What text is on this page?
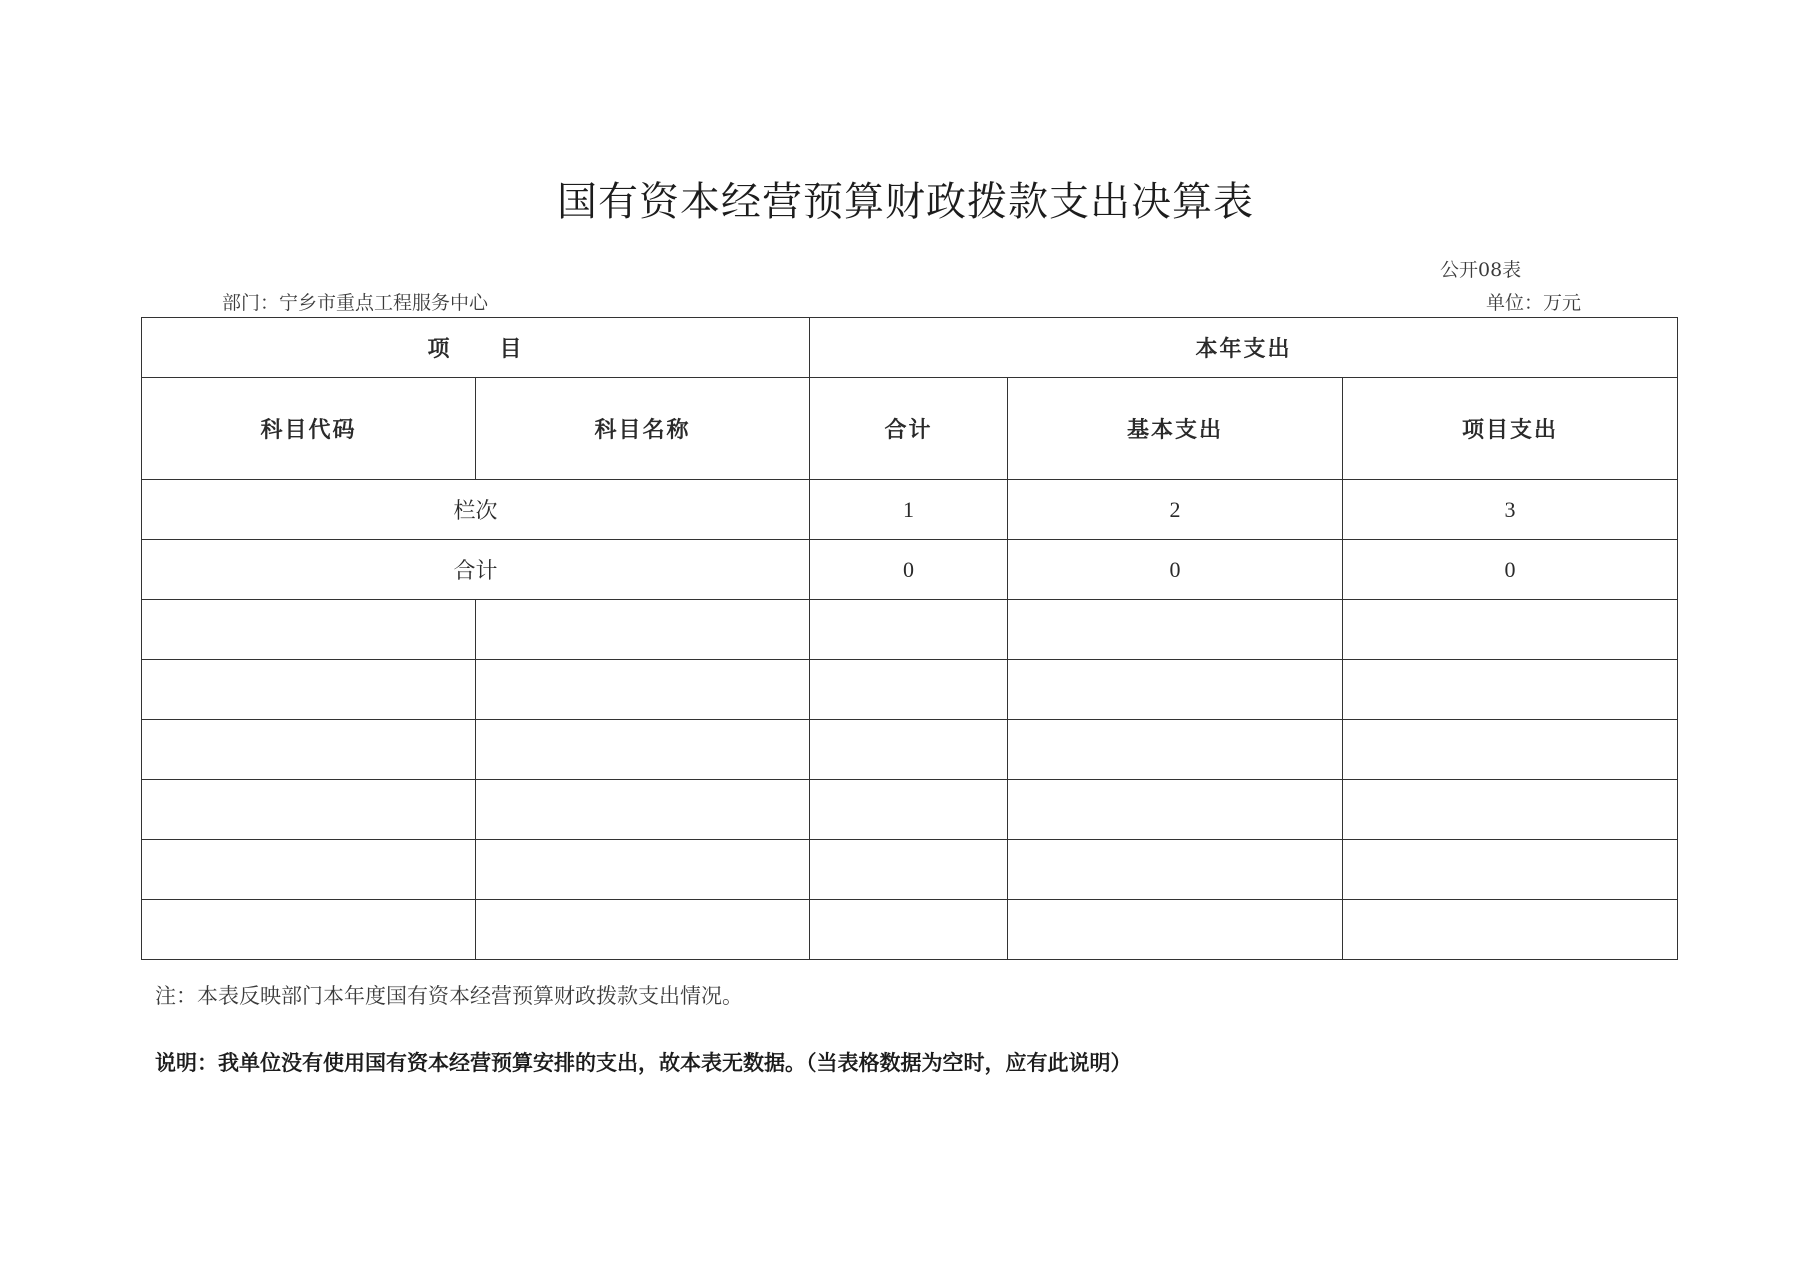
国有资本经营预算财政拨款支出决算表
公开08表
部门：宁乡市重点工程服务中心	单位：万元
项　　目		本年支出		
科目代码	科目名称	合计	基本支出	项目支出
栏次		1	2	3
合计		0	0	0

注：本表反映部门本年度国有资本经营预算财政拨款支出情况。
说明：我单位没有使用国有资本经营预算安排的支出，故本表无数据。（当表格数据为空时，应有此说明）
